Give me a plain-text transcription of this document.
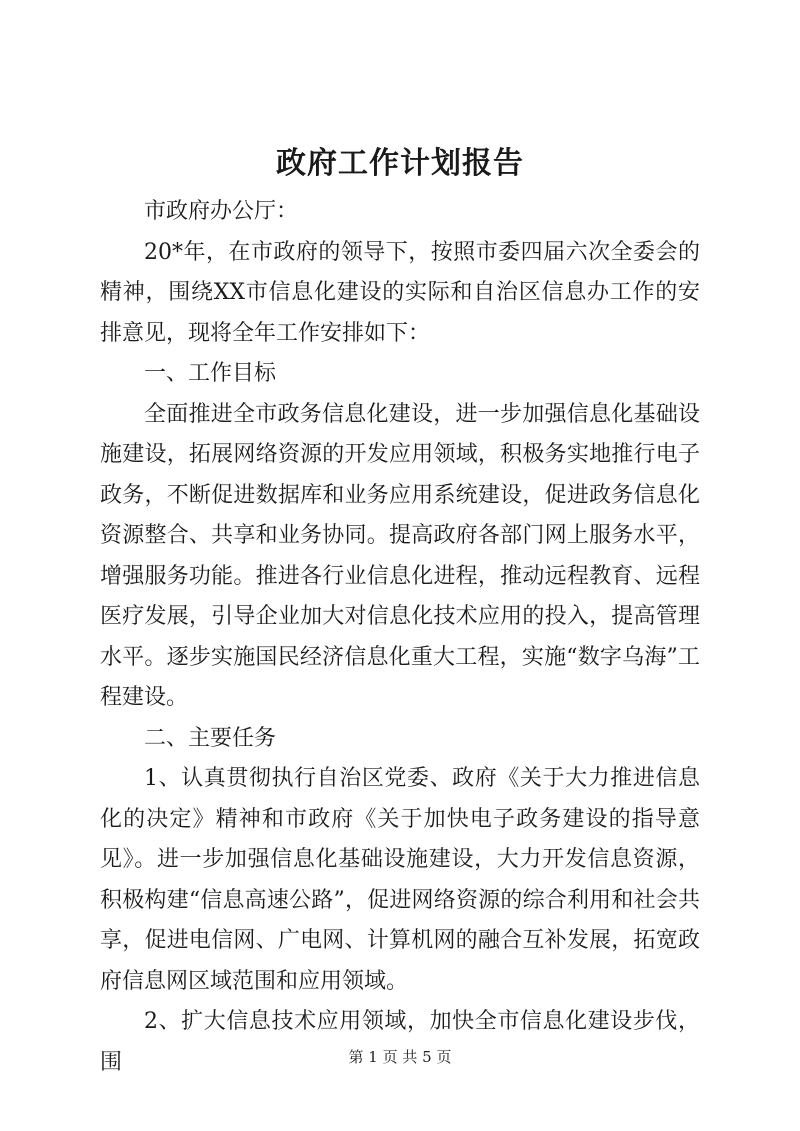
政府工作计划报告

市政府办公厅：

20*年，在市政府的领导下，按照市委四届六次全委会的精神，围绕XX市信息化建设的实际和自治区信息办工作的安排意见，现将全年工作安排如下：

一、工作目标

全面推进全市政务信息化建设，进一步加强信息化基础设施建设，拓展网络资源的开发应用领域，积极务实地推行电子政务，不断促进数据库和业务应用系统建设，促进政务信息化资源整合、共享和业务协同。提高政府各部门网上服务水平，增强服务功能。推进各行业信息化进程，推动远程教育、远程医疗发展，引导企业加大对信息化技术应用的投入，提高管理水平。逐步实施国民经济信息化重大工程，实施“数字乌海”工程建设。

二、主要任务

1、认真贯彻执行自治区党委、政府《关于大力推进信息化的决定》精神和市政府《关于加快电子政务建设的指导意见》。进一步加强信息化基础设施建设，大力开发信息资源，积极构建“信息高速公路”，促进网络资源的综合利用和社会共享，促进电信网、广电网、计算机网的融合互补发展，拓宽政府信息网区域范围和应用领域。

2、扩大信息技术应用领域，加快全市信息化建设步伐，围	第 1 页 共 5 页
